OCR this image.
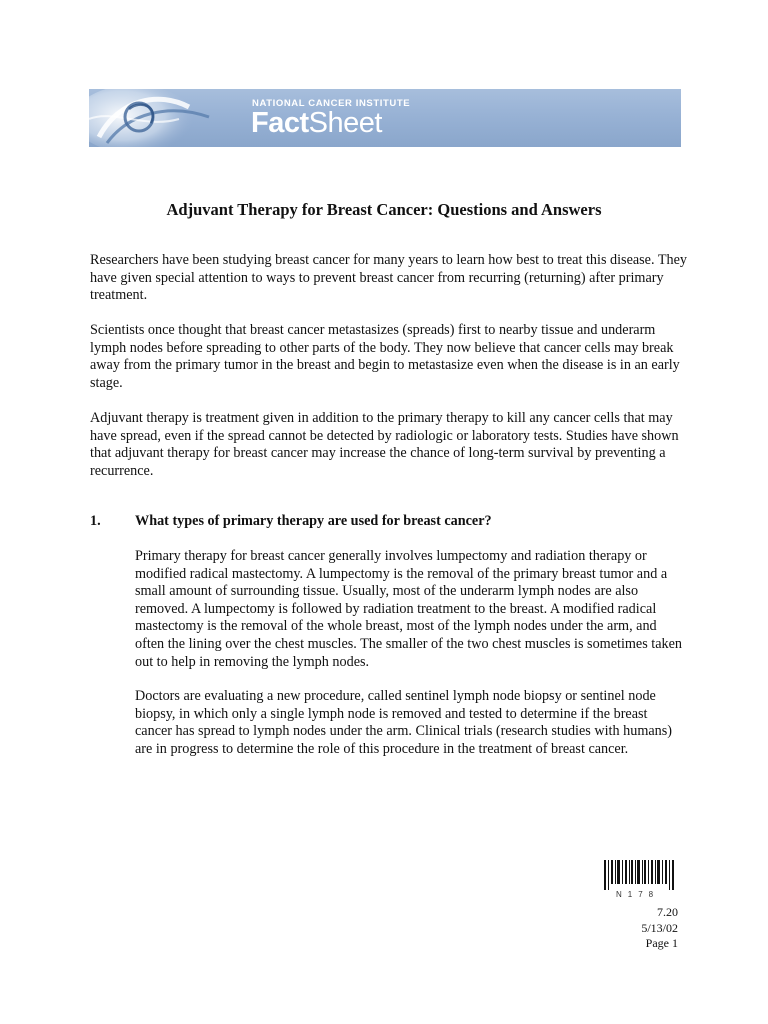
NATIONAL CANCER INSTITUTE
FactSheet
Adjuvant Therapy for Breast Cancer: Questions and Answers

Researchers have been studying breast cancer for many years to learn how best to treat this disease. They have given special attention to ways to prevent breast cancer from recurring (returning) after primary treatment.

Scientists once thought that breast cancer metastasizes (spreads) first to nearby tissue and underarm lymph nodes before spreading to other parts of the body. They now believe that cancer cells may break away from the primary tumor in the breast and begin to metastasize even when the disease is in an early stage.

Adjuvant therapy is treatment given in addition to the primary therapy to kill any cancer cells that may have spread, even if the spread cannot be detected by radiologic or laboratory tests. Studies have shown that adjuvant therapy for breast cancer may increase the chance of long-term survival by preventing a recurrence.

1. What types of primary therapy are used for breast cancer?

Primary therapy for breast cancer generally involves lumpectomy and radiation therapy or modified radical mastectomy. A lumpectomy is the removal of the primary breast tumor and a small amount of surrounding tissue. Usually, most of the underarm lymph nodes are also removed. A lumpectomy is followed by radiation treatment to the breast. A modified radical mastectomy is the removal of the whole breast, most of the lymph nodes under the arm, and often the lining over the chest muscles. The smaller of the two chest muscles is sometimes taken out to help in removing the lymph nodes.

Doctors are evaluating a new procedure, called sentinel lymph node biopsy or sentinel node biopsy, in which only a single lymph node is removed and tested to determine if the breast cancer has spread to lymph nodes under the arm. Clinical trials (research studies with humans) are in progress to determine the role of this procedure in the treatment of breast cancer.

N178
7.20
5/13/02
Page 1
